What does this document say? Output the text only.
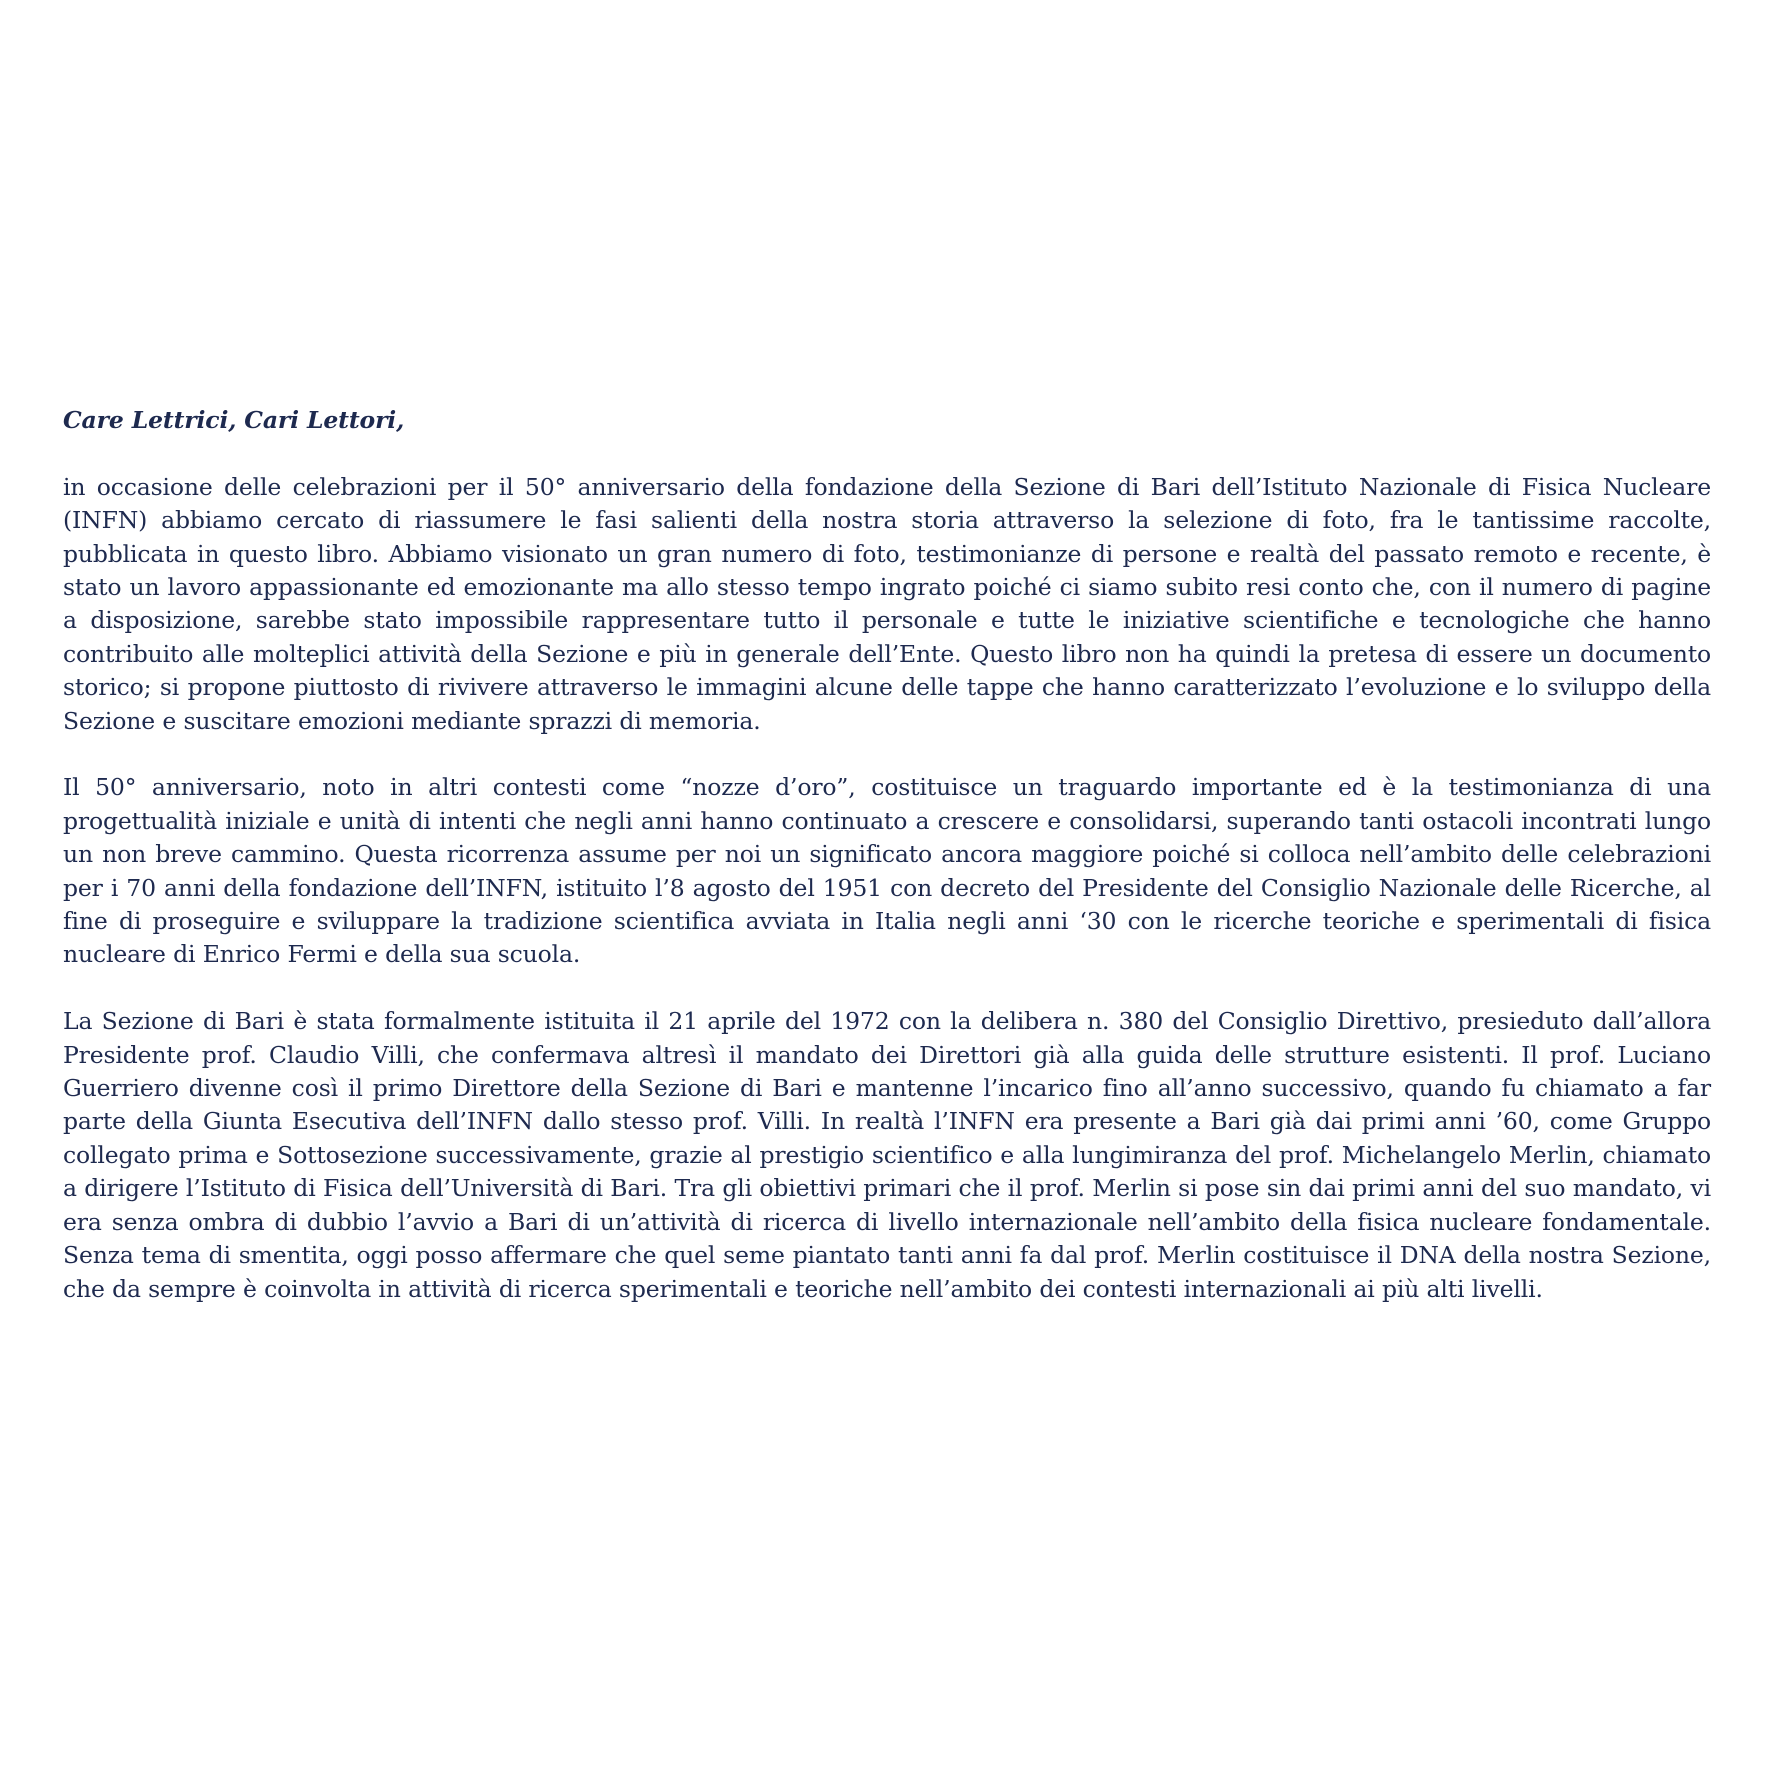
Care Lettrici, Cari Lettori,

in occasione delle celebrazioni per il 50° anniversario della fondazione della Sezione di Bari dell’Istituto Nazionale di Fisica Nucleare (INFN) abbiamo cercato di riassumere le fasi salienti della nostra storia attraverso la selezione di foto, fra le tantissime raccolte, pubblicata in questo libro. Abbiamo visionato un gran numero di foto, testimonianze di persone e realtà del passato remoto e recente, è stato un lavoro appassionante ed emozionante ma allo stesso tempo ingrato poiché ci siamo subito resi conto che, con il numero di pagine a disposizione, sarebbe stato impossibile rappresentare tutto il personale e tutte le iniziative scientifiche e tecnologiche che hanno contribuito alle molteplici attività della Sezione e più in generale dell’Ente. Questo libro non ha quindi la pretesa di essere un documento storico; si propone piuttosto di rivivere attraverso le immagini alcune delle tappe che hanno caratterizzato l’evoluzione e lo sviluppo della Sezione e suscitare emozioni mediante sprazzi di memoria.

Il 50° anniversario, noto in altri contesti come “nozze d’oro”, costituisce un traguardo importante ed è la testimonianza di una progettualità iniziale e unità di intenti che negli anni hanno continuato a crescere e consolidarsi, superando tanti ostacoli incontrati lungo un non breve cammino. Questa ricorrenza assume per noi un significato ancora maggiore poiché si colloca nell’ambito delle celebrazioni per i 70 anni della fondazione dell’INFN, istituito l’8 agosto del 1951 con decreto del Presidente del Consiglio Nazionale delle Ricerche, al fine di proseguire e sviluppare la tradizione scientifica avviata in Italia negli anni ‘30 con le ricerche teoriche e sperimentali di fisica nucleare di Enrico Fermi e della sua scuola.

La Sezione di Bari è stata formalmente istituita il 21 aprile del 1972 con la delibera n. 380 del Consiglio Direttivo, presieduto dall’allora Presidente prof. Claudio Villi, che confermava altresì il mandato dei Direttori già alla guida delle strutture esistenti. Il prof. Luciano Guerriero divenne così il primo Direttore della Sezione di Bari e mantenne l’incarico fino all’anno successivo, quando fu chiamato a far parte della Giunta Esecutiva dell’INFN dallo stesso prof. Villi. In realtà l’INFN era presente a Bari già dai primi anni ’60, come Gruppo collegato prima e Sottosezione successivamente, grazie al prestigio scientifico e alla lungimiranza del prof. Michelangelo Merlin, chiamato a dirigere l’Istituto di Fisica dell’Università di Bari. Tra gli obiettivi primari che il prof. Merlin si pose sin dai primi anni del suo mandato, vi era senza ombra di dubbio l’avvio a Bari di un’attività di ricerca di livello internazionale nell’ambito della fisica nucleare fondamentale. Senza tema di smentita, oggi posso affermare che quel seme piantato tanti anni fa dal prof. Merlin costituisce il DNA della nostra Sezione, che da sempre è coinvolta in attività di ricerca sperimentali e teoriche nell’ambito dei contesti internazionali ai più alti livelli.
